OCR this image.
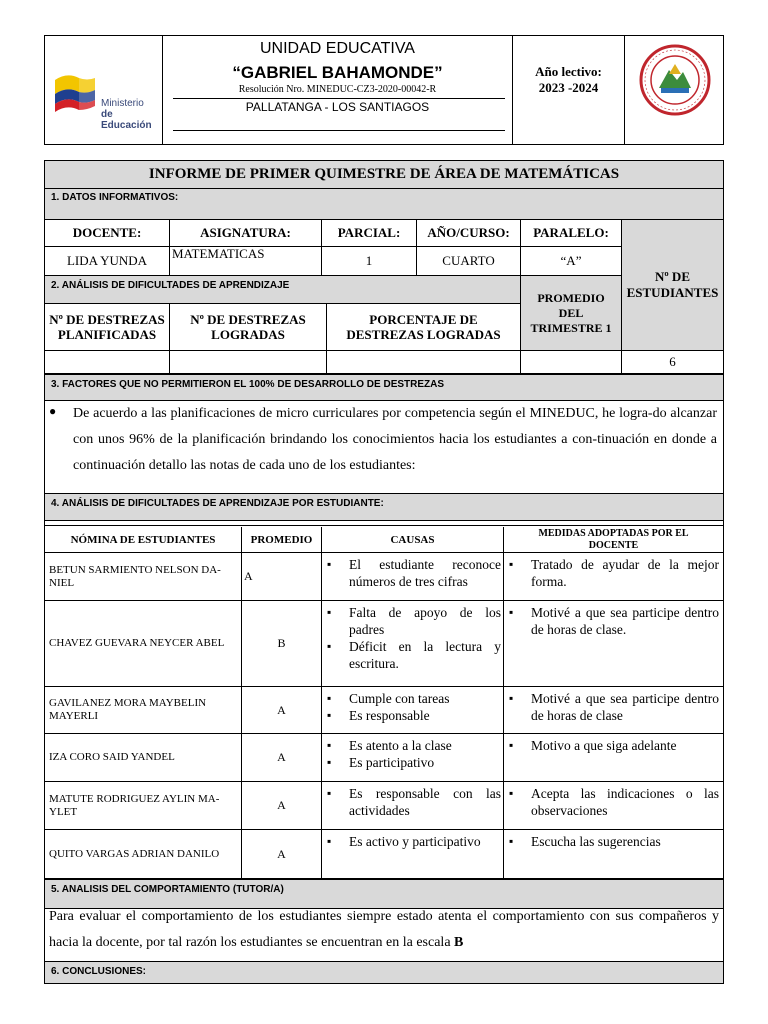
Ministerio
de Educación
UNIDAD EDUCATIVA
“GABRIEL BAHAMONDE”
Resolución Nro. MINEDUC-CZ3-2020-00042-R
PALLATANGA - LOS SANTIAGOS
Año lectivo:
2023 -2024
INFORME DE PRIMER QUIMESTRE DE ÁREA DE MATEMÁTICAS
1. DATOS INFORMATIVOS:
DOCENTE:	ASIGNATURA:	PARCIAL:	AÑO/CURSO:	PARALELO:
Nº DE ESTUDIANTES
LIDA YUNDA	MATEMATICAS	1	CUARTO	“A”
2. ANÁLISIS DE DIFICULTADES DE APRENDIZAJE
PROMEDIO DEL TRIMESTRE 1
Nº DE DESTREZAS PLANIFICADAS
Nº DE DESTREZAS LOGRADAS
PORCENTAJE DE DESTREZAS LOGRADAS
6
3. FACTORES QUE NO PERMITIERON EL 100% DE DESARROLLO DE DESTREZAS
● De acuerdo a las planificaciones de micro curriculares por competencia según el MINEDUC, he logra-do alcanzar con unos 96% de la planificación brindando los conocimientos hacia los estudiantes a con-tinuación en donde a continuación detallo las notas de cada uno de los estudiantes:
4. ANÁLISIS DE DIFICULTADES DE APRENDIZAJE POR ESTUDIANTE:
NÓMINA DE ESTUDIANTES	PROMEDIO	CAUSAS
MEDIDAS ADOPTADAS POR EL DOCENTE
BETUN SARMIENTO NELSON DA-NIEL	A
▪ El estudiante reconoce números de tres cifras
▪ Tratado de ayudar de la mejor forma.
CHAVEZ GUEVARA NEYCER ABEL	B
▪ Falta de apoyo de los padres
▪ Déficit en la lectura y escritura.
▪ Motivé a que sea participe dentro de horas de clase.
GAVILANEZ MORA MAYBELIN MAYERLI	A
▪ Cumple con tareas
▪ Es responsable
▪ Motivé a que sea participe dentro de horas de clase
IZA CORO SAID YANDEL	A
▪ Es atento a la clase
▪ Es participativo
▪ Motivo a que siga adelante
MATUTE RODRIGUEZ AYLIN MA-YLET	A
▪ Es responsable con las actividades
▪ Acepta las indicaciones o las observaciones
QUITO VARGAS ADRIAN DANILO	A
▪ Es activo y participativo
▪	Escucha las sugerencias
5. ANALISIS DEL COMPORTAMIENTO (TUTOR/A)
Para evaluar el comportamiento de los estudiantes siempre estado atenta el comportamiento con sus compañeros y hacia la docente, por tal razón los estudiantes se encuentran en la escala B
6. CONCLUSIONES:
